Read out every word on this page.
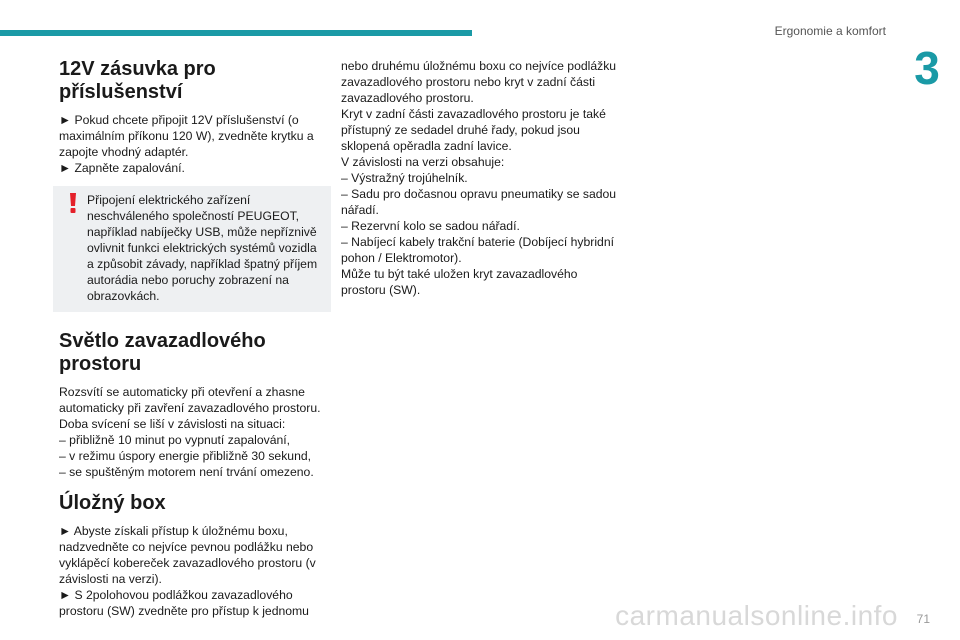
Ergonomie a komfort
3
12V zásuvka pro příslušenství

► Pokud chcete připojit 12V příslušenství (o maximálním příkonu 120 W), zvedněte krytku a zapojte vhodný adaptér.

► Zapněte zapalování.

Připojení elektrického zařízení neschváleného společností PEUGEOT, například nabíječky USB, může nepříznivě ovlivnit funkci elektrických systémů vozidla a způsobit závady, například špatný příjem autorádia nebo poruchy zobrazení na obrazovkách.

Světlo zavazadlového prostoru

Rozsvítí se automaticky při otevření a zhasne automaticky při zavření zavazadlového prostoru.

Doba svícení se liší v závislosti na situaci:

– přibližně 10 minut po vypnutí zapalování,

– v režimu úspory energie přibližně 30 sekund,

– se spuštěným motorem není trvání omezeno.

Úložný box

► Abyste získali přístup k úložnému boxu, nadzvedněte co nejvíce pevnou podlážku nebo vyklápěcí kobereček zavazadlového prostoru (v závislosti na verzi).

► S 2polohovou podlážkou zavazadlového prostoru (SW) zvedněte pro přístup k jednomu

nebo druhému úložnému boxu co nejvíce podlážku zavazadlového prostoru nebo kryt v zadní části zavazadlového prostoru.

Kryt v zadní části zavazadlového prostoru je také přístupný ze sedadel druhé řady, pokud jsou sklopená opěradla zadní lavice.

V závislosti na verzi obsahuje:

– Výstražný trojúhelník.

– Sadu pro dočasnou opravu pneumatiky se sadou nářadí.

– Rezervní kolo se sadou nářadí.

– Nabíjecí kabely trakční baterie (Dobíjecí hybridní pohon / Elektromotor).

Může tu být také uložen kryt zavazadlového prostoru (SW).

carmanualsonline.info 71
